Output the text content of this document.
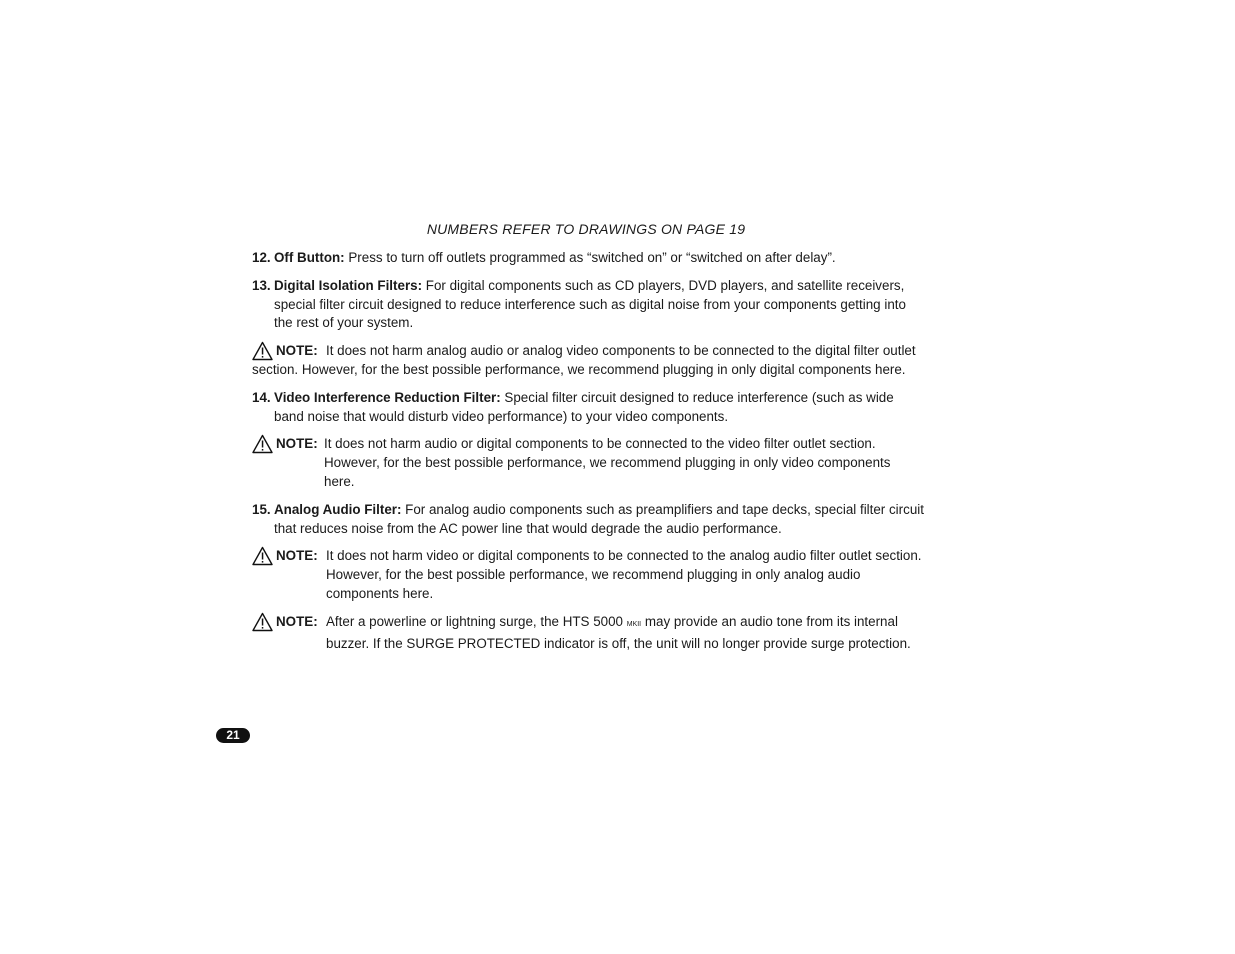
NUMBERS REFER TO DRAWINGS ON PAGE 19
12. Off Button: Press to turn off outlets programmed as “switched on” or “switched on after delay”.
13. Digital Isolation Filters: For digital components such as CD players, DVD players, and satellite receivers, special filter circuit designed to reduce interference such as digital noise from your components getting into the rest of your system.
NOTE: It does not harm analog audio or analog video components to be connected to the digital filter outlet section. However, for the best possible performance, we recommend plugging in only digital components here.
14. Video Interference Reduction Filter: Special filter circuit designed to reduce interference (such as wide band noise that would disturb video performance) to your video components.
NOTE: It does not harm audio or digital components to be connected to the video filter outlet section. However, for the best possible performance, we recommend plugging in only video components here.
15. Analog Audio Filter: For analog audio components such as preamplifiers and tape decks, special filter circuit that reduces noise from the AC power line that would degrade the audio performance.
NOTE: It does not harm video or digital components to be connected to the analog audio filter outlet section. However, for the best possible performance, we recommend plugging in only analog audio components here.
NOTE: After a powerline or lightning surge, the HTS 5000 MKII may provide an audio tone from its internal buzzer. If the SURGE PROTECTED indicator is off, the unit will no longer provide surge protection.
21
